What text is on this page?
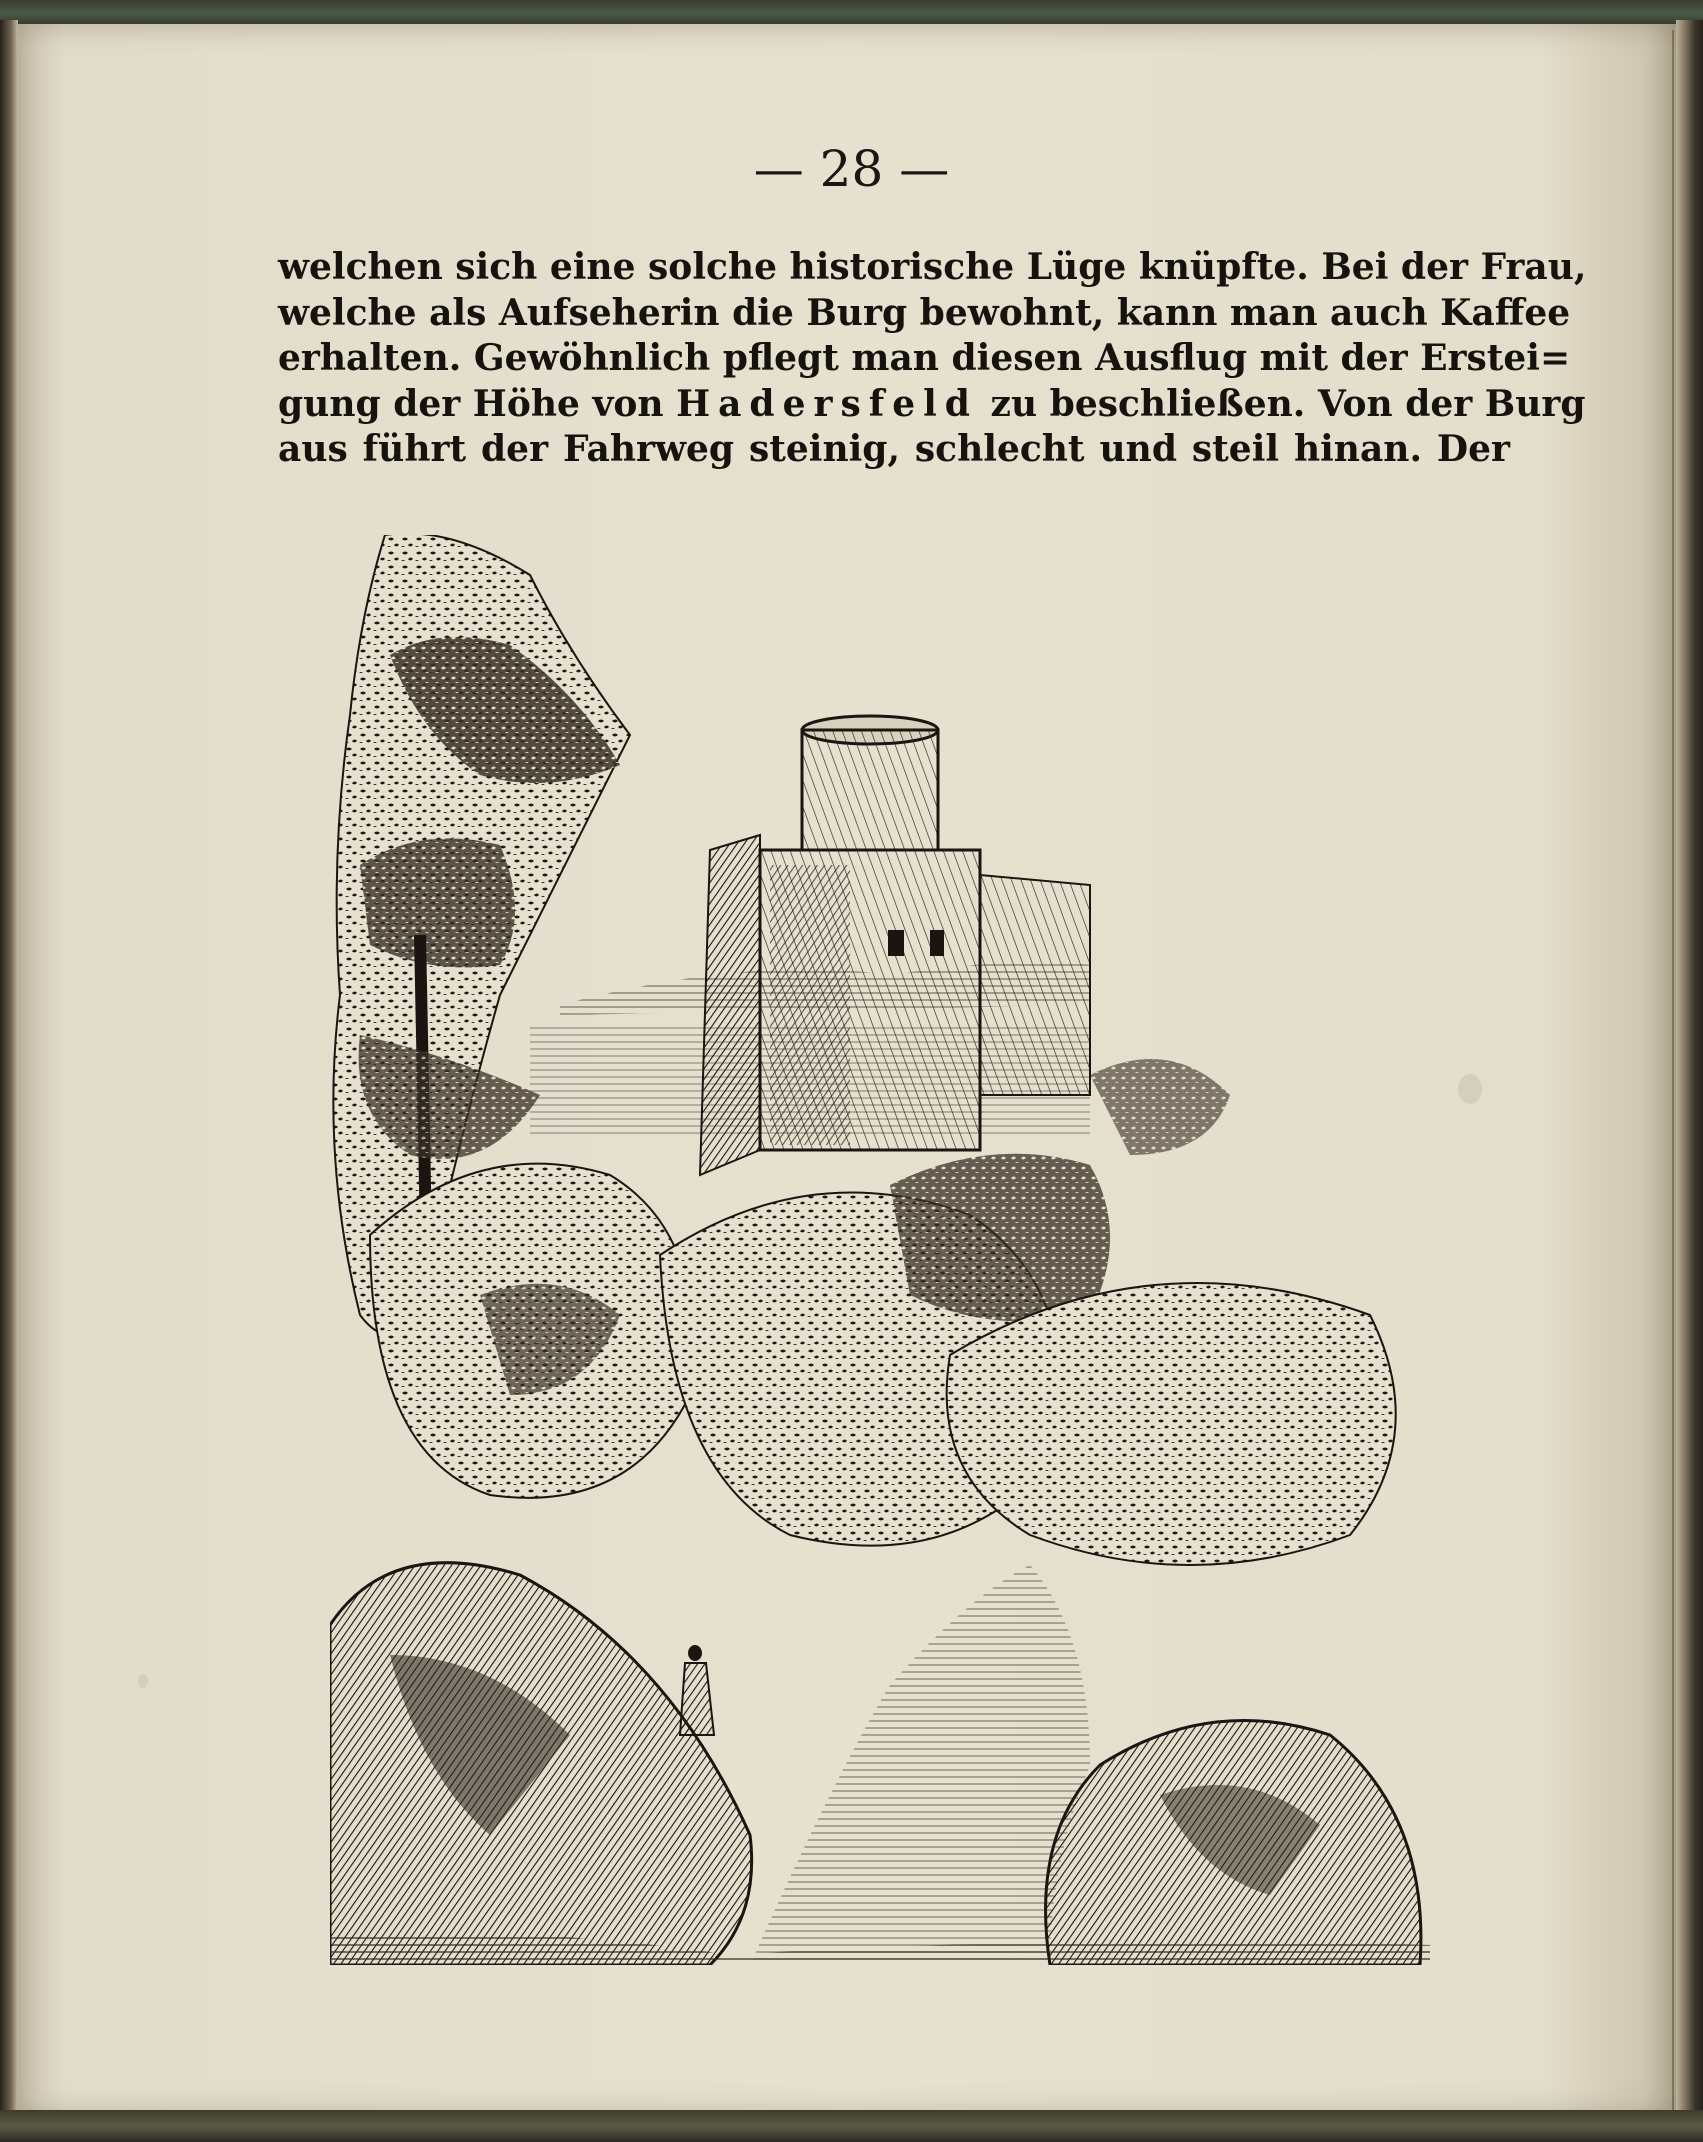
— 28 —
welchen sich eine solche historische Lüge knüpfte. Bei der Frau,
welche als Aufseherin die Burg bewohnt, kann man auch Kaffee
erhalten. Gewöhnlich pflegt man diesen Ausflug mit der Erstei=
gung der Höhe von Hadersfeld zu beschließen. Von der Burg
aus führt der Fahrweg steinig, schlecht und steil hinan. Der
